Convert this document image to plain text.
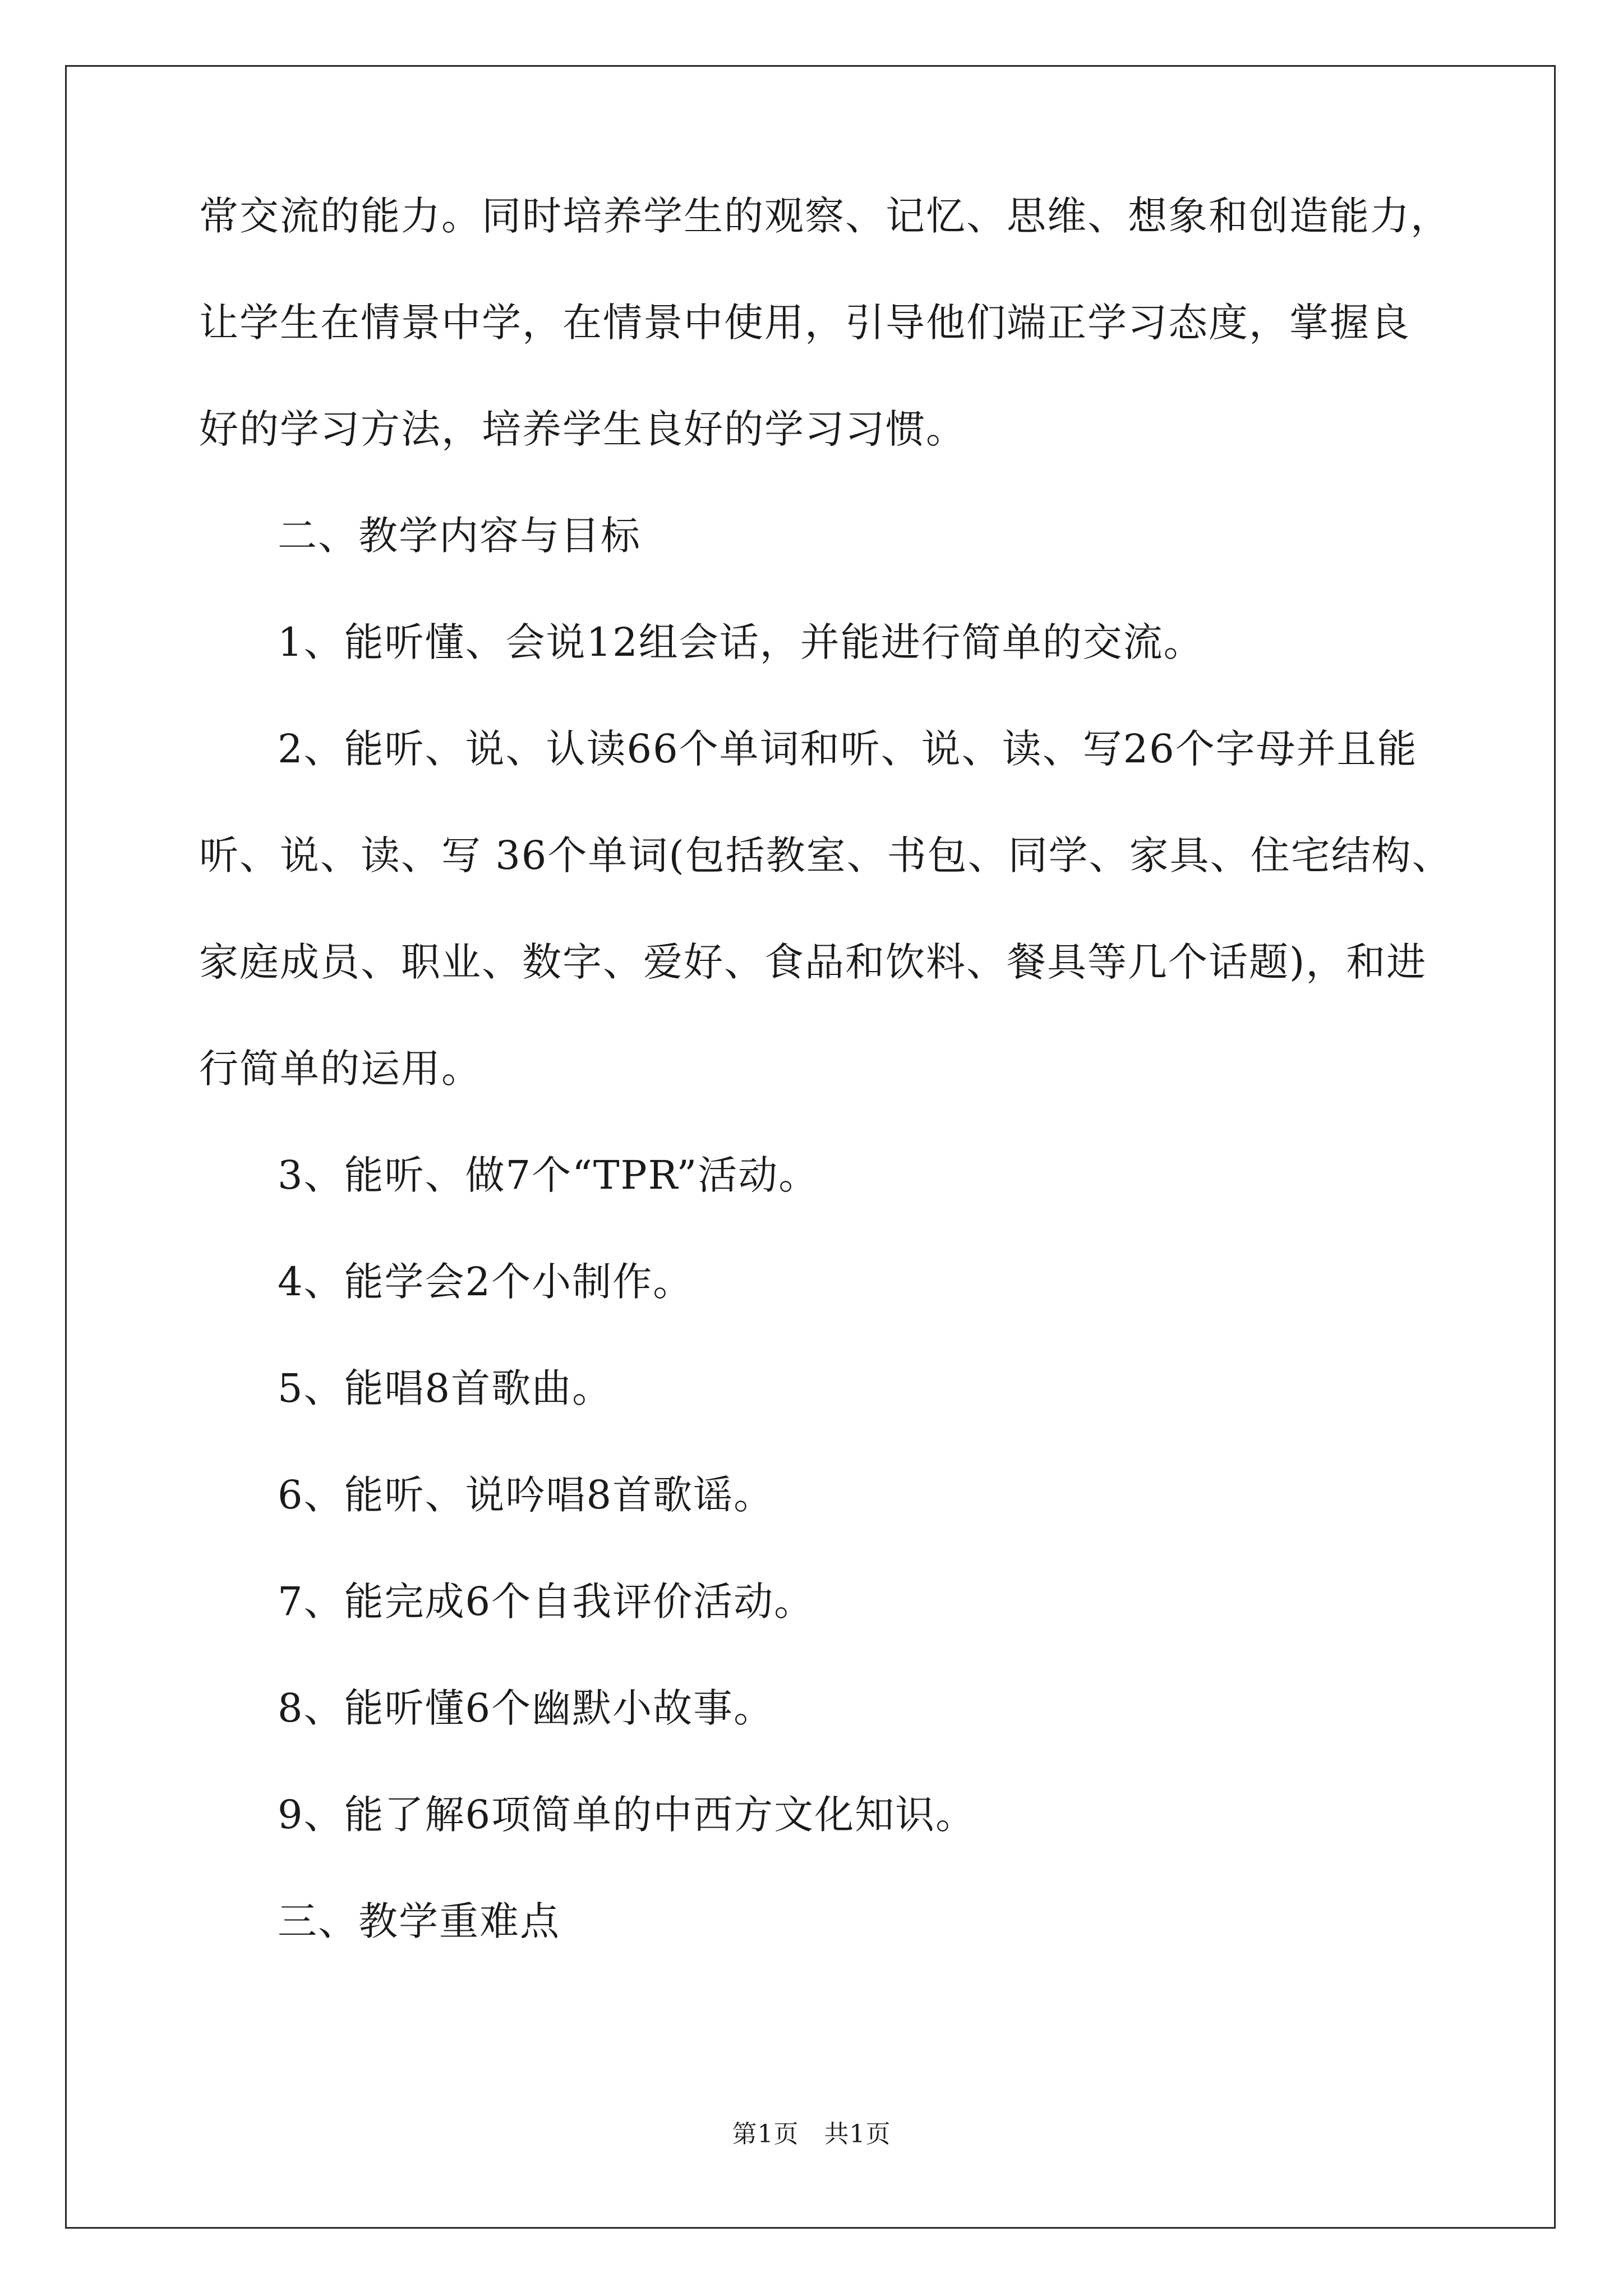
常交流的能力。同时培养学生的观察、记忆、思维、想象和创造能力，
让学生在情景中学，在情景中使用，引导他们端正学习态度，掌握良
好的学习方法，培养学生良好的学习习惯。
二、教学内容与目标
1、能听懂、会说12组会话，并能进行简单的交流。
2、能听、说、认读66个单词和听、说、读、写26个字母并且能
听、说、读、写 36个单词(包括教室、书包、同学、家具、住宅结构、
家庭成员、职业、数字、爱好、食品和饮料、餐具等几个话题)，和进
行简单的运用。
3、能听、做7个“TPR”活动。
4、能学会2个小制作。
5、能唱8首歌曲。
6、能听、说吟唱8首歌谣。
7、能完成6个自我评价活动。
8、能听懂6个幽默小故事。
9、能了解6项简单的中西方文化知识。
三、教学重难点
第1页　共1页
